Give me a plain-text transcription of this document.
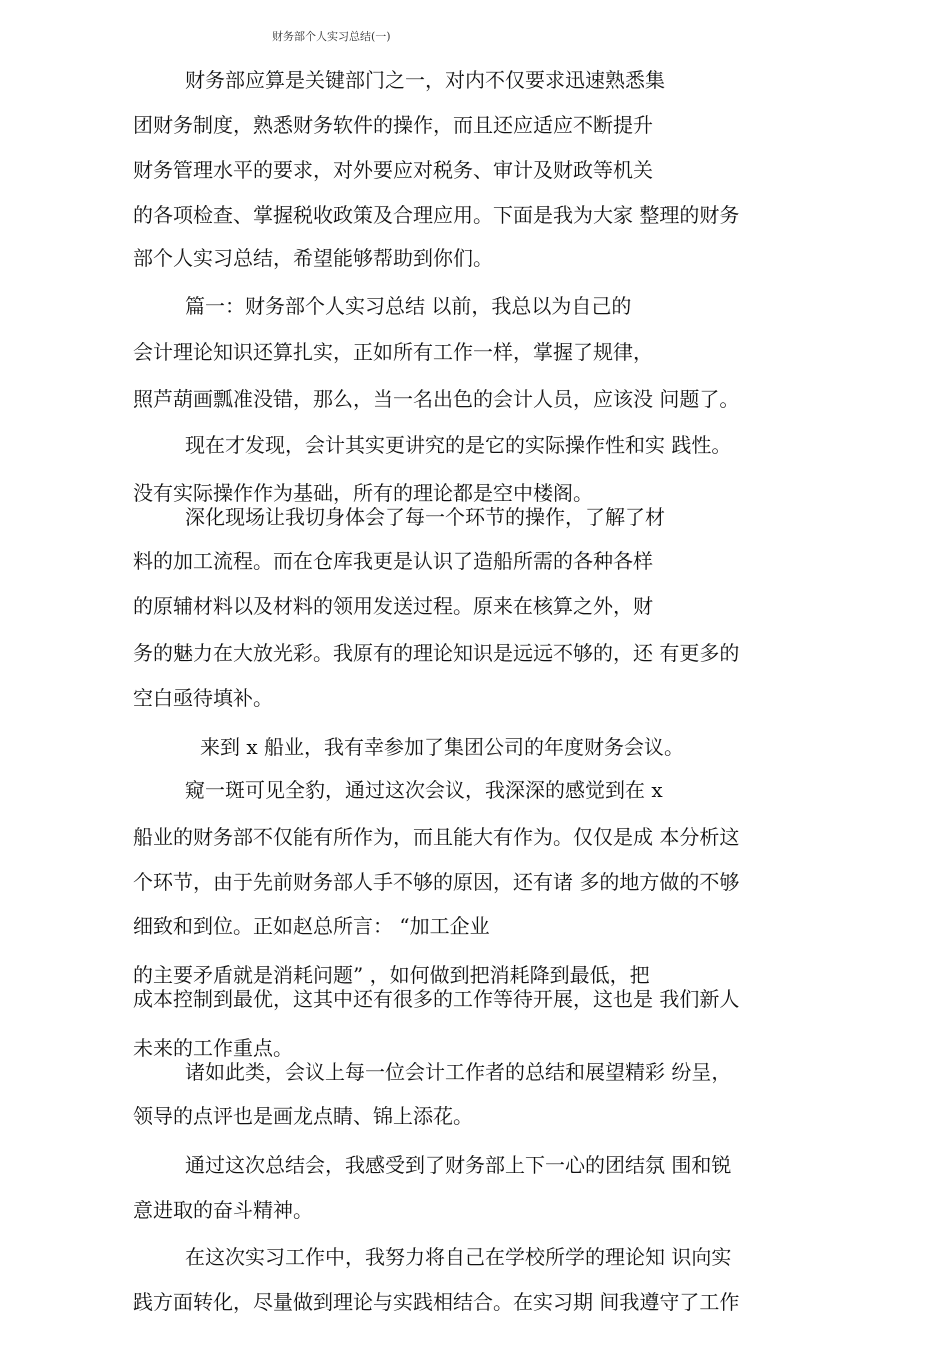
财务部个人实习总结(一)
财务部应算是关键部门之一，对内不仅要求迅速熟悉集
团财务制度，熟悉财务软件的操作，而且还应适应不断提升
财务管理水平的要求，对外要应对税务、审计及财政等机关
的各项检查、掌握税收政策及合理应用。下面是我为大家 整理的财务
部个人实习总结，希望能够帮助到你们。
篇一：财务部个人实习总结 以前，我总以为自己的
会计理论知识还算扎实，正如所有工作一样，掌握了规律，
照芦葫画瓢准没错，那么，当一名出色的会计人员，应该没 问题了。
现在才发现，会计其实更讲究的是它的实际操作性和实 践性。
没有实际操作作为基础，所有的理论都是空中楼阁。
深化现场让我切身体会了每一个环节的操作，了解了材
料的加工流程。而在仓库我更是认识了造船所需的各种各样
的原辅材料以及材料的领用发送过程。原来在核算之外，财
务的魅力在大放光彩。我原有的理论知识是远远不够的，还 有更多的
空白亟待填补。
来到 x 船业，我有幸参加了集团公司的年度财务会议。
窥一斑可见全豹，通过这次会议，我深深的感觉到在 x
船业的财务部不仅能有所作为，而且能大有作为。仅仅是成 本分析这
个环节，由于先前财务部人手不够的原因，还有诸 多的地方做的不够
细致和到位。正如赵总所言： “加工企业
的主要矛盾就是消耗问题” ，如何做到把消耗降到最低，把
成本控制到最优，这其中还有很多的工作等待开展，这也是 我们新人
未来的工作重点。
诸如此类，会议上每一位会计工作者的总结和展望精彩 纷呈，
领导的点评也是画龙点睛、锦上添花。
通过这次总结会，我感受到了财务部上下一心的团结氛 围和锐
意进取的奋斗精神。
在这次实习工作中，我努力将自己在学校所学的理论知 识向实
践方面转化，尽量做到理论与实践相结合。在实习期 间我遵守了工作
